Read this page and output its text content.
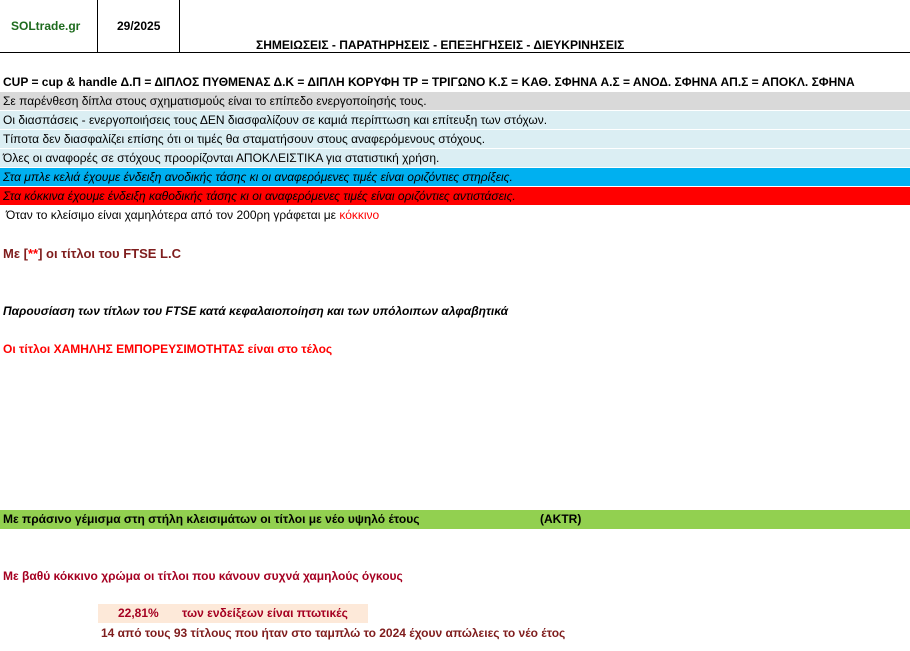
SOLtrade.gr	29/2025
ΣΗΜΕΙΩΣΕΙΣ - ΠΑΡΑΤΗΡΗΣΕΙΣ - ΕΠΕΞΗΓΗΣΕΙΣ - ΔΙΕΥΚΡΙΝΗΣΕΙΣ
CUP = cup & handle Δ.Π = ΔΙΠΛΟΣ ΠΥΘΜΕΝΑΣ Δ.Κ = ΔΙΠΛΗ ΚΟΡΥΦΗ ΤΡ = ΤΡΙΓΩΝΟ Κ.Σ = ΚΑΘ. ΣΦΗΝΑ Α.Σ = ΑΝΟΔ. ΣΦΗΝΑ ΑΠ.Σ = ΑΠΟΚΛ. ΣΦΗΝΑ
Σε παρένθεση δίπλα στους σχηματισμούς είναι το επίπεδο ενεργοποίησής τους.
Οι διασπάσεις - ενεργοποιήσεις τους ΔΕΝ διασφαλίζουν σε καμιά περίπτωση και επίτευξη των στόχων.
Τίποτα δεν διασφαλίζει επίσης ότι οι τιμές θα σταματήσουν στους αναφερόμενους στόχους.
Όλες οι αναφορές σε στόχους προορίζονται ΑΠΟΚΛΕΙΣΤΙΚΑ για στατιστική χρήση.
Στα μπλε κελιά έχουμε ένδειξη ανοδικής τάσης κι οι αναφερόμενες τιμές είναι οριζόντιες στηρίξεις.
Στα κόκκινα έχουμε ένδειξη καθοδικής τάσης κι οι αναφερόμενες τιμές είναι οριζόντιες αντιστάσεις.
Όταν το κλείσιμο είναι χαμηλότερα από τον 200ρη γράφεται με κόκκινο
Με [**] οι τίτλοι του FTSE L.C
Παρουσίαση των τίτλων του FTSE κατά κεφαλαιοποίηση και των υπόλοιπων αλφαβητικά
Οι τίτλοι ΧΑΜΗΛΗΣ ΕΜΠΟΡΕΥΣΙΜΟΤΗΤΑΣ είναι στο τέλος
Με πράσινο γέμισμα στη στήλη κλεισιμάτων οι τίτλοι με νέο υψηλό έτους	(AKTR)
Με βαθύ κόκκινο χρώμα οι τίτλοι που κάνουν συχνά χαμηλούς όγκους
22,81% των ενδείξεων είναι πτωτικές
14 από τους 93 τίτλους που ήταν στο ταμπλώ το 2024 έχουν απώλειες το νέο έτος
